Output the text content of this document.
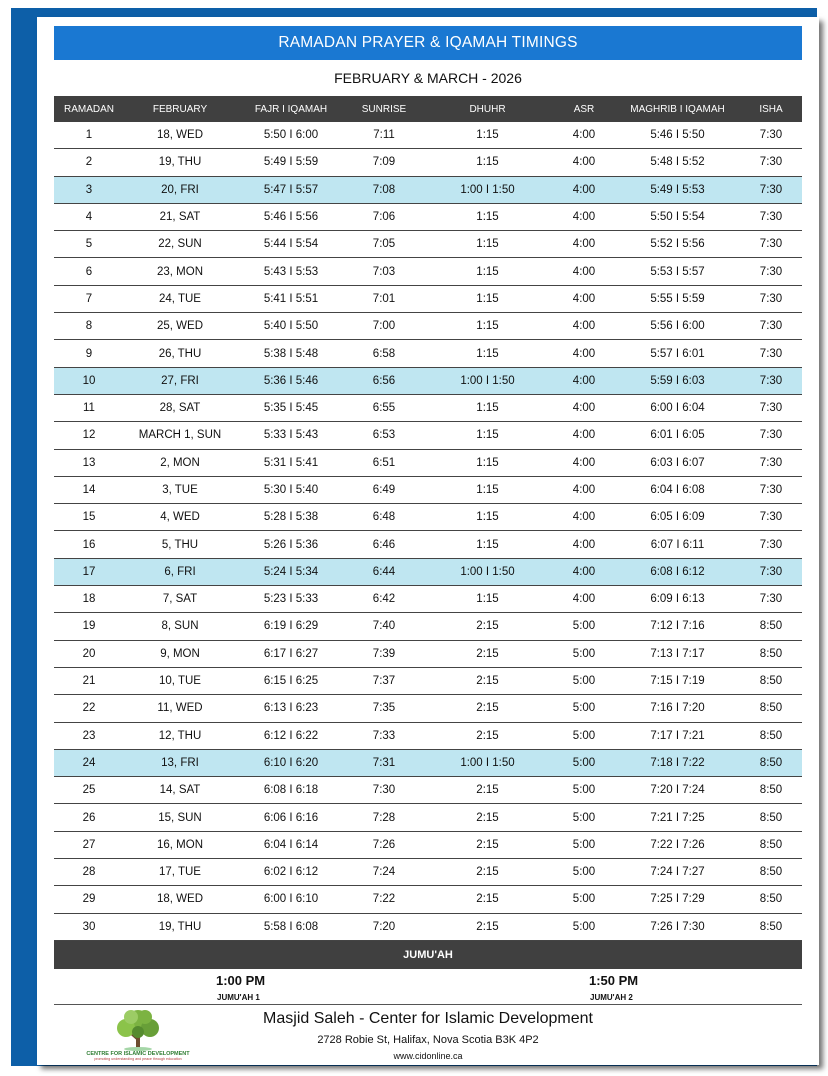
RAMADAN PRAYER & IQAMAH TIMINGS
FEBRUARY & MARCH - 2026
RAMADAN	FEBRUARY	FAJR I IQAMAH	SUNRISE	DHUHR	ASR	MAGHRIB I IQAMAH	ISHA
1	18, WED	5:50 I 6:00	7:11	1:15	4:00	5:46 I 5:50	7:30
2	19, THU	5:49 I 5:59	7:09	1:15	4:00	5:48 I 5:52	7:30
3	20, FRI	5:47 I 5:57	7:08	1:00 I 1:50	4:00	5:49 I 5:53	7:30
4	21, SAT	5:46 I 5:56	7:06	1:15	4:00	5:50 I 5:54	7:30
5	22, SUN	5:44 I 5:54	7:05	1:15	4:00	5:52 I 5:56	7:30
6	23, MON	5:43 I 5:53	7:03	1:15	4:00	5:53 I 5:57	7:30
7	24, TUE	5:41 I 5:51	7:01	1:15	4:00	5:55 I 5:59	7:30
8	25, WED	5:40 I 5:50	7:00	1:15	4:00	5:56 I 6:00	7:30
9	26, THU	5:38 I 5:48	6:58	1:15	4:00	5:57 I 6:01	7:30
10	27, FRI	5:36 I 5:46	6:56	1:00 I 1:50	4:00	5:59 I 6:03	7:30
11	28, SAT	5:35 I 5:45	6:55	1:15	4:00	6:00 I 6:04	7:30
12	MARCH 1, SUN	5:33 I 5:43	6:53	1:15	4:00	6:01 I 6:05	7:30
13	2, MON	5:31 I 5:41	6:51	1:15	4:00	6:03 I 6:07	7:30
14	3, TUE	5:30 I 5:40	6:49	1:15	4:00	6:04 I 6:08	7:30
15	4, WED	5:28 I 5:38	6:48	1:15	4:00	6:05 I 6:09	7:30
16	5, THU	5:26 I 5:36	6:46	1:15	4:00	6:07 I 6:11	7:30
17	6, FRI	5:24 I 5:34	6:44	1:00 I 1:50	4:00	6:08 I 6:12	7:30
18	7, SAT	5:23 I 5:33	6:42	1:15	4:00	6:09 I 6:13	7:30
19	8, SUN	6:19 I 6:29	7:40	2:15	5:00	7:12 I 7:16	8:50
20	9, MON	6:17 I 6:27	7:39	2:15	5:00	7:13 I 7:17	8:50
21	10, TUE	6:15 I 6:25	7:37	2:15	5:00	7:15 I 7:19	8:50
22	11, WED	6:13 I 6:23	7:35	2:15	5:00	7:16 I 7:20	8:50
23	12, THU	6:12 I 6:22	7:33	2:15	5:00	7:17 I 7:21	8:50
24	13, FRI	6:10 I 6:20	7:31	1:00 I 1:50	5:00	7:18 I 7:22	8:50
25	14, SAT	6:08 I 6:18	7:30	2:15	5:00	7:20 I 7:24	8:50
26	15, SUN	6:06 I 6:16	7:28	2:15	5:00	7:21 I 7:25	8:50
27	16, MON	6:04 I 6:14	7:26	2:15	5:00	7:22 I 7:26	8:50
28	17, TUE	6:02 I 6:12	7:24	2:15	5:00	7:24 I 7:27	8:50
29	18, WED	6:00 I 6:10	7:22	2:15	5:00	7:25 I 7:29	8:50
30	19, THU	5:58 I 6:08	7:20	2:15	5:00	7:26 I 7:30	8:50
JUMU'AH
1:00 PM
JUMU'AH 1
1:50 PM
JUMU'AH 2
CENTRE FOR ISLAMIC DEVELOPMENT
promoting understanding and peace through education
Masjid Saleh - Center for Islamic Development
2728 Robie St, Halifax, Nova Scotia B3K 4P2
www.cidonline.ca
